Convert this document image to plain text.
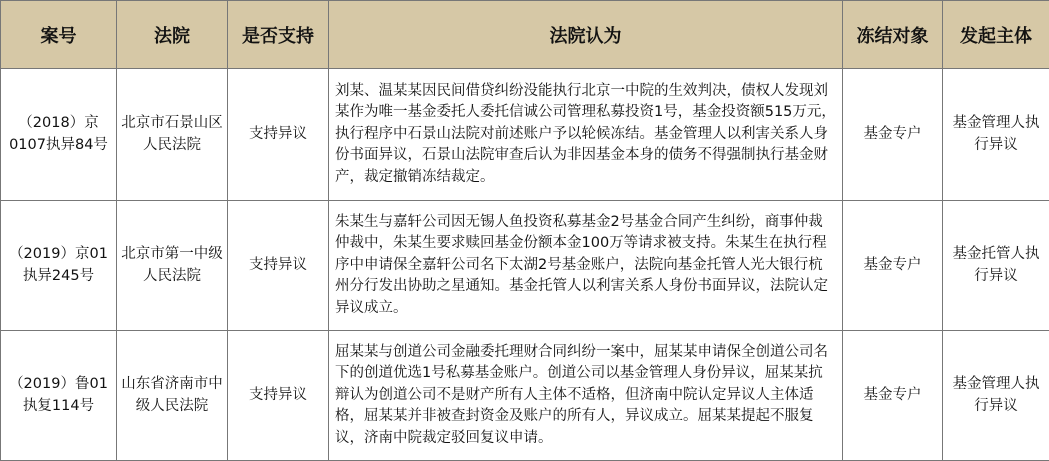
案号	法院	是否支持	法院认为	冻结对象	发起主体
（2018）京0107执异84号	北京市石景山区人民法院	支持异议	刘某、温某某因民间借贷纠纷没能执行北京一中院的生效判决，债权人发现刘某作为唯一基金委托人委托信诚公司管理私募投资1号，基金投资额515万元，执行程序中石景山法院对前述账户予以轮候冻结。基金管理人以利害关系人身份书面异议，石景山法院审查后认为非因基金本身的债务不得强制执行基金财产，裁定撤销冻结裁定。	基金专户	基金管理人执行异议
（2019）京01执异245号	北京市第一中级人民法院	支持异议	朱某生与嘉轩公司因无锡人鱼投资私募基金2号基金合同产生纠纷，商事仲裁仲裁中，朱某生要求赎回基金份额本金100万等请求被支持。朱某生在执行程序中申请保全嘉轩公司名下太湖2号基金账户，法院向基金托管人光大银行杭州分行发出协助之星通知。基金托管人以利害关系人身份书面异议，法院认定异议成立。	基金专户	基金托管人执行异议
（2019）鲁01执复114号	山东省济南市中级人民法院	支持异议	屈某某与创道公司金融委托理财合同纠纷一案中，屈某某申请保全创道公司名下的创道优选1号私募基金账户。创道公司以基金管理人身份异议，屈某某抗辩认为创道公司不是财产所有人主体不适格，但济南中院认定异议人主体适格，屈某某并非被查封资金及账户的所有人，异议成立。屈某某提起不服复议，济南中院裁定驳回复议申请。	基金专户	基金管理人执行异议
